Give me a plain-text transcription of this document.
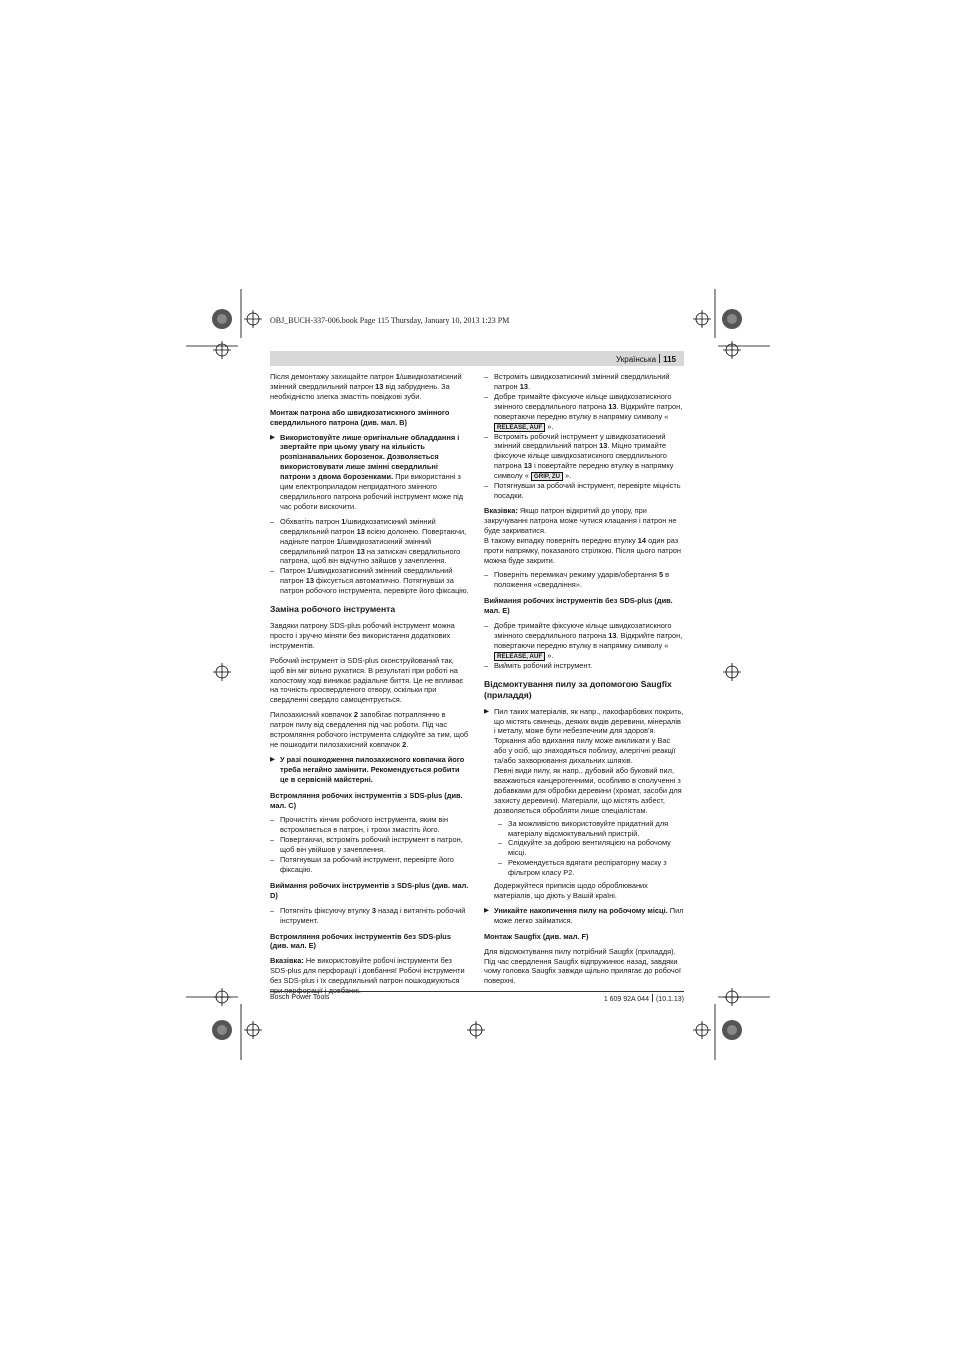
OBJ_BUCH-337-006.book Page 115 Thursday, January 10, 2013 1:23 PM
Українська 115

Після демонтажу захищайте патрон 1/швидкозатискний змінний свердлильний патрон 13 від забруднень. За необхідністю злегка змастіть повідкові зуби.

Монтаж патрона або швидкозатискного змінного свердлильного патрона (див. мал. B)
▶ Використовуйте лише оригінальне обладдання і звертайте при цьому увагу на кількість розпізнавальних борозенок. Дозволяється використовувати лише змінні свердлильні патрони з двома борозенками. При використанні з цим електроприладом непридатного змінного свердлильного патрона робочий інструмент може під час роботи вискочити.
– Обхватіть патрон 1/швидкозатискний змінний свердлильний патрон 13 всією долонею. Повертаючи, надіньте патрон 1/швидкозатискний змінний свердлильний патрон 13 на затискач свердлильного патрона, щоб він відчутно зайшов у зачеплення.
– Патрон 1/швидкозатискний змінний свердлильний патрон 13 фіксується автоматично. Потягнувши за патрон робочого інструмента, перевірте його фіксацію.
Заміна робочого інструмента

Завдяки патрону SDS-plus робочий інструмент можна просто і зручно міняти без використання додаткових інструментів.

Робочий інструмент із SDS-plus сконструйований так, щоб він міг вільно рухатися. В результаті при роботі на холостому ході виникає радіальне биття. Це не впливає на точність просвердленого отвору, оскільки при свердленні свердло самоцентрується.

Пилозахисний ковпачок 2 запобігає потраплянню в патрон пилу від свердлення під час роботи. Під час встромляння робочого інструмента слідкуйте за тим, щоб не пошкодити пилозахисний ковпачок 2.

▶ У разі пошкодження пилозахисного ковпачка його треба негайно замінити. Рекомендується робити це в сервісній майстерні.
Встромляння робочих інструментів з SDS-plus (див. мал. C)
– Прочистіть кінчик робочого інструмента, яким він встромляється в патрон, і трохи змастіть його.
– Повертаючи, встроміть робочий інструмент в патрон, щоб він увійшов у зачеплення.
– Потягнувши за робочий інструмент, перевірте його фіксацію.
Виймання робочих інструментів з SDS-plus (див. мал. D)
– Потягніть фіксуючу втулку 3 назад і витягніть робочий інструмент.
Встромляння робочих інструментів без SDS-plus (див. мал. E)

Вказівка: Не використовуйте робочі інструменти без SDS-plus для перфорації і довбання! Робочі інструменти без SDS-plus і їх свердлильний патрон пошкоджуються

– Встроміть швидкозатискний змінний свердлильний патрон 13.
– Добре тримайте фіксуюче кільце швидкозатискного змінного свердлильного патрона 13. Відкрийте патрон, повертаючи передню втулку в напрямку символу « RELEASE, AUF ».
– Встроміть робочий інструмент у швидкозатискний змінний свердлильний патрон 13. Міцно тримайте фіксуюче кільце швидкозатискного свердлильного патрона 13 і повертайте передню втулку в напрямку символу « GRIP, ZU ».
– Потягнувши за робочий інструмент, перевірте міцність посадки.

Вказівка: Якщо патрон відкритий до упору, при закручуванні патрона може чутися клацання і патрон не буде закриватися.

В такому випадку поверніть передню втулку 14 один раз проти напрямку, показаного стрілкою. Після цього патрон можна буде закрити.

– Поверніть перемикач режиму ударів/обертання 5 в положення «свердління».
Виймання робочих інструментів без SDS-plus (див. мал. E)
– Добре тримайте фіксуюче кільце швидкозатискного змінного свердлильного патрона 13. Відкрийте патрон, повертаючи передню втулку в напрямку символу « RELEASE, AUF ».
– Вийміть робочий інструмент.
Відсмоктування пилу за допомогою Saugfix (приладдя)
▶ Пил таких матеріалів, як напр., лакофарбових покрить, що містять свинець, деяких видів деревини, мінералів і металу, може бути небезпечним для здоров'я. Торкання або вдихання пилу може викликати у Вас або у осіб, що знаходяться поблизу, алергічні реакції та/або захворювання дихальних шляхів.

Певні види пилу, як напр., дубовий або буковий пил, вважаються канцерогенними, особливо в сполученні з добавками для обробки деревини (хромат, засоби для захисту деревини). Матеріали, що містять азбест, дозволяється обробляти лише спеціалістам.

– За можливістю використовуйте придатний для матеріалу відсмоктувальний пристрій.
– Слідкуйте за доброю вентиляцією на робочому місці.
– Рекомендується вдягати респіраторну маску з фільтром класу P2.

Додержуйтеся приписів щодо оброблюваних матеріалів, що діють у Вашій країні.

▶ Уникайте накопичення пилу на робочому місці. Пил може легко займатися.
Монтаж Saugfix (див. мал. F)

Для відсмоктування пилу потрібний Saugfix (приладдя). Під час свердлення Saugfix відпружинює назад, завдяки чому головка Saugfix завжди щільно прилягає до робочої поверхні.

Bosch Power Tools	1 609 92A 044 (10.1.13)
